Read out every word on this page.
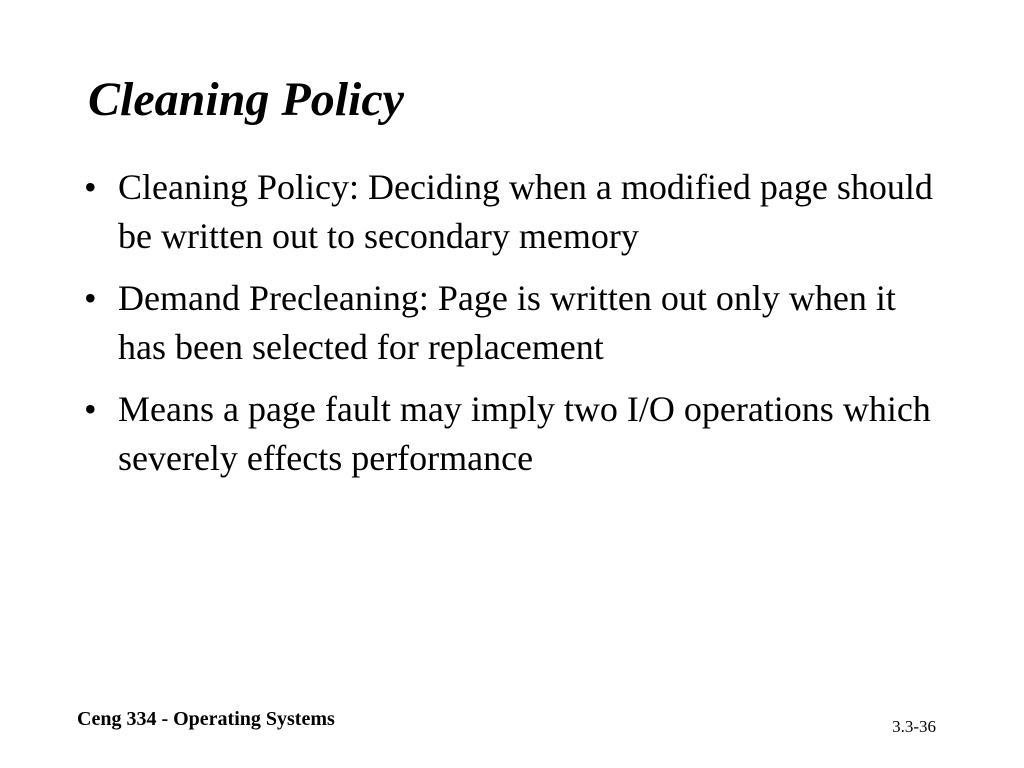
Cleaning Policy
• Cleaning Policy: Deciding when a modified page should be written out to secondary memory
• Demand Precleaning: Page is written out only when it has been selected for replacement
• Means a page fault may imply two I/O operations which severely effects performance
Ceng 334 - Operating Systems	3.3-36
